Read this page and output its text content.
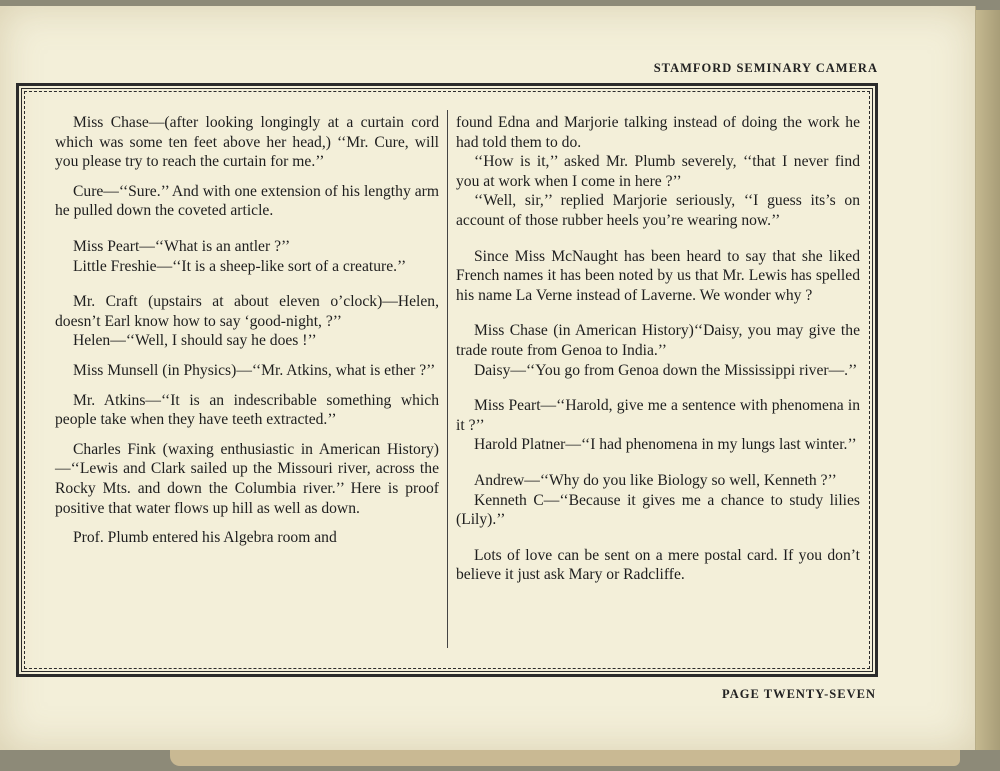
STAMFORD SEMINARY CAMERA

Miss Chase—(after looking longingly at a curtain cord which was some ten feet above her head,) ‘‘Mr. Cure, will you please try to reach the curtain for me.’’

Cure—‘‘Sure.’’ And with one extension of his lengthy arm he pulled down the coveted article.

Miss Peart—‘‘What is an antler ?’’

Little Freshie—‘‘It is a sheep-like sort of a creature.’’

Mr. Craft (upstairs at about eleven o’clock)—Helen, doesn’t Earl know how to say ‘good-night, ?’’

Helen—‘‘Well, I should say he does !’’

Miss Munsell (in Physics)—‘‘Mr. Atkins, what is ether ?’’

Mr. Atkins—‘‘It is an indescribable something which people take when they have teeth extracted.’’

Charles Fink (waxing enthusiastic in American History)—‘‘Lewis and Clark sailed up the Missouri river, across the Rocky Mts. and down the Columbia river.’’ Here is proof positive that water flows up hill as well as down.

Prof. Plumb entered his Algebra room and

found Edna and Marjorie talking instead of doing the work he had told them to do.

‘‘How is it,’’ asked Mr. Plumb severely, ‘‘that I never find you at work when I come in here ?’’

‘‘Well, sir,’’ replied Marjorie seriously, ‘‘I guess its’s on account of those rubber heels you’re wearing now.’’

Since Miss McNaught has been heard to say that she liked French names it has been noted by us that Mr. Lewis has spelled his name La Verne instead of Laverne. We wonder why ?

Miss Chase (in American History)‘‘Daisy, you may give the trade route from Genoa to India.’’

Daisy—‘‘You go from Genoa down the Mississippi river—.’’

Miss Peart—‘‘Harold, give me a sentence with phenomena in it ?’’

Harold Platner—‘‘I had phenomena in my lungs last winter.’’

Andrew—‘‘Why do you like Biology so well, Kenneth ?’’

Kenneth C—‘‘Because it gives me a chance to study lilies (Lily).’’

Lots of love can be sent on a mere postal card. If you don’t believe it just ask Mary or Radcliffe.

PAGE TWENTY-SEVEN
